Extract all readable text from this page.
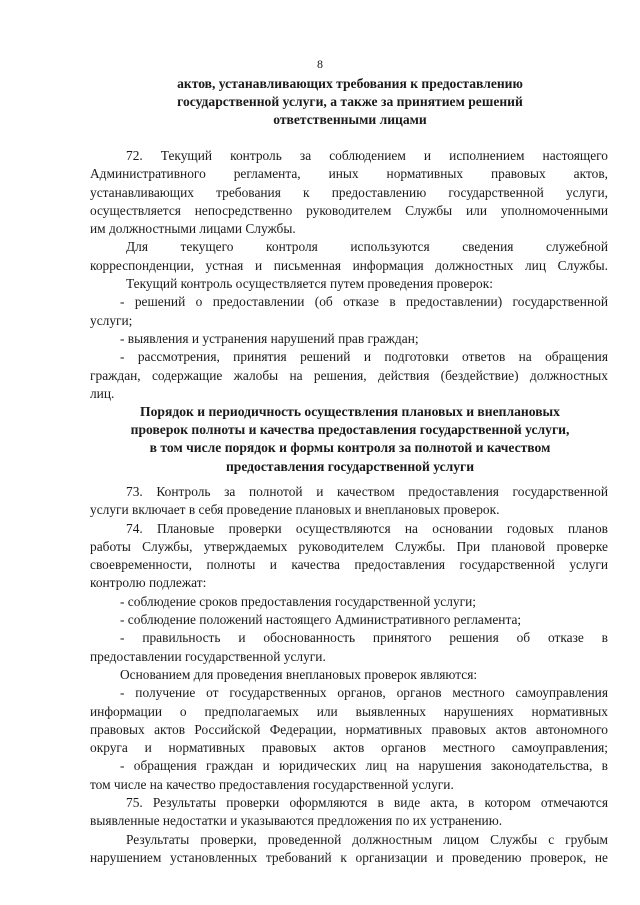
8
актов, устанавливающих требования к предоставлению
государственной услуги, а также за принятием решений
ответственными лицами
72. Текущий контроль за соблюдением и исполнением настоящего
Административного регламента, иных нормативных правовых актов,
устанавливающих требования к предоставлению государственной услуги,
осуществляется непосредственно руководителем Службы или уполномоченными
им должностными лицами Службы.
Для текущего контроля используются сведения служебной
корреспонденции, устная и письменная информация должностных лиц Службы.
Текущий контроль осуществляется путем проведения проверок:
- решений о предоставлении (об отказе в предоставлении) государственной
услуги;
- выявления и устранения нарушений прав граждан;
- рассмотрения, принятия решений и подготовки ответов на обращения
граждан, содержащие жалобы на решения, действия (бездействие) должностных
лиц.
Порядок и периодичность осуществления плановых и внеплановых
проверок полноты и качества предоставления государственной услуги,
в том числе порядок и формы контроля за полнотой и качеством
предоставления государственной услуги
73. Контроль за полнотой и качеством предоставления государственной
услуги включает в себя проведение плановых и внеплановых проверок.
74. Плановые проверки осуществляются на основании годовых планов
работы Службы, утверждаемых руководителем Службы. При плановой проверке
своевременности, полноты и качества предоставления государственной услуги
контролю подлежат:
- соблюдение сроков предоставления государственной услуги;
- соблюдение положений настоящего Административного регламента;
- правильность и обоснованность принятого решения об отказе в
предоставлении государственной услуги.
Основанием для проведения внеплановых проверок являются:
- получение от государственных органов, органов местного самоуправления
информации о предполагаемых или выявленных нарушениях нормативных
правовых актов Российской Федерации, нормативных правовых актов автономного
округа и нормативных правовых актов органов местного самоуправления;
- обращения граждан и юридических лиц на нарушения законодательства, в
том числе на качество предоставления государственной услуги.
75. Результаты проверки оформляются в виде акта, в котором отмечаются
выявленные недостатки и указываются предложения по их устранению.
Результаты проверки, проведенной должностным лицом Службы с грубым
нарушением установленных требований к организации и проведению проверок, не
